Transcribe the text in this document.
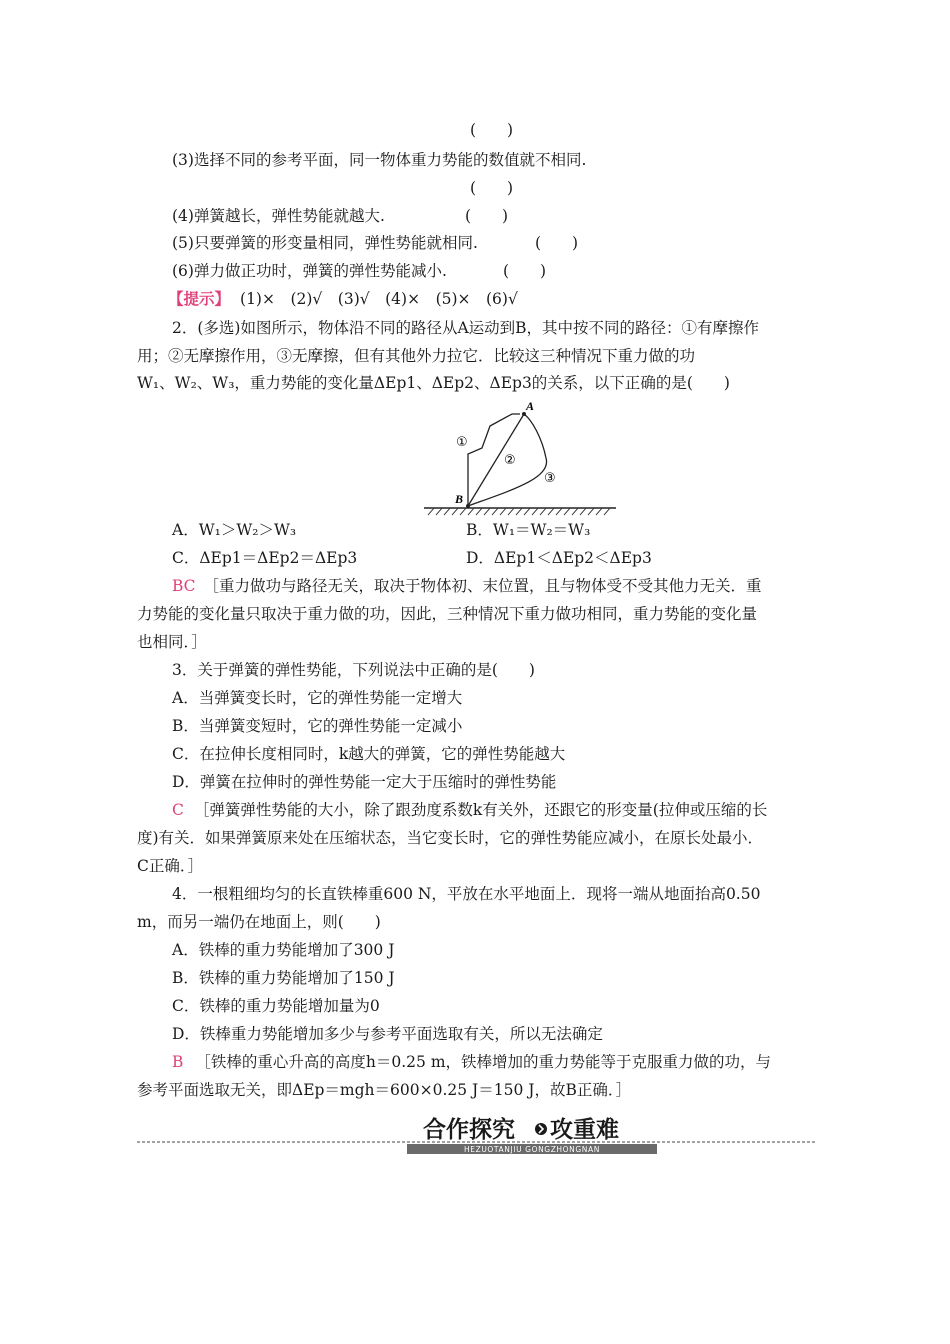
(　　)
(3)选择不同的参考平面，同一物体重力势能的数值就不相同.
(　　)
(4)弹簧越长，弹性势能就越大.	(　　)
(5)只要弹簧的形变量相同，弹性势能就相同.	(　　)
(6)弹力做正功时，弹簧的弹性势能减小.	(　　)
【提示】 (1)×　(2)√　(3)√　(4)×　(5)×　(6)√
2．(多选)如图所示，物体沿不同的路径从A运动到B，其中按不同的路径：①有摩擦作
用；②无摩擦作用，③无摩擦，但有其他外力拉它．比较这三种情况下重力做的功
W₁、W₂、W₃，重力势能的变化量ΔEp1、ΔEp2、ΔEp3的关系，以下正确的是(　　)
A
B
①
②
③
A．W₁＞W₂＞W₃	B．W₁＝W₂＝W₃
C．ΔEp1＝ΔEp2＝ΔEp3	D．ΔEp1＜ΔEp2＜ΔEp3
BC ［重力做功与路径无关，取决于物体初、末位置，且与物体受不受其他力无关．重
力势能的变化量只取决于重力做的功，因此，三种情况下重力做功相同，重力势能的变化量
也相同．］
3．关于弹簧的弹性势能，下列说法中正确的是(　　)
A．当弹簧变长时，它的弹性势能一定增大
B．当弹簧变短时，它的弹性势能一定减小
C．在拉伸长度相同时，k越大的弹簧，它的弹性势能越大
D．弹簧在拉伸时的弹性势能一定大于压缩时的弹性势能
C ［弹簧弹性势能的大小，除了跟劲度系数k有关外，还跟它的形变量(拉伸或压缩的长
度)有关．如果弹簧原来处在压缩状态，当它变长时，它的弹性势能应减小，在原长处最小．
C正确．］
4．一根粗细均匀的长直铁棒重600 N，平放在水平地面上．现将一端从地面抬高0.50
m，而另一端仍在地面上，则(　　)
A．铁棒的重力势能增加了300 J
B．铁棒的重力势能增加了150 J
C．铁棒的重力势能增加量为0
D．铁棒重力势能增加多少与参考平面选取有关，所以无法确定
B ［铁棒的重心升高的高度h＝0.25 m，铁棒增加的重力势能等于克服重力做的功，与
参考平面选取无关，即ΔEp＝mgh＝600×0.25 J＝150 J，故B正确．］
HEZUOTANJIU GONGZHONGNAN
合作探究 攻重难
